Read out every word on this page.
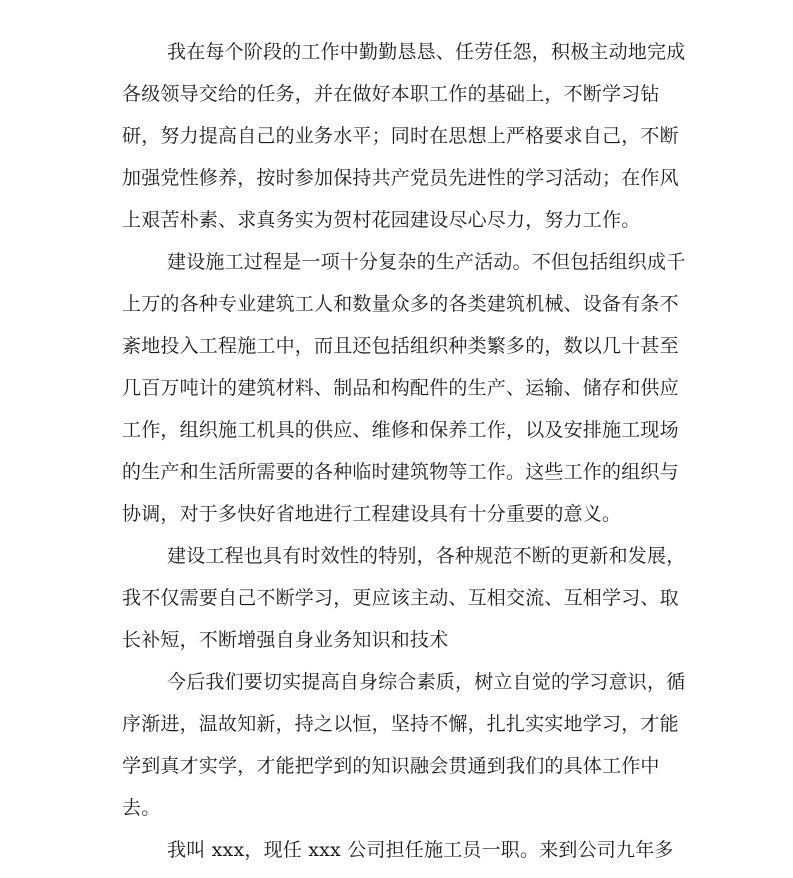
我在每个阶段的工作中勤勤恳恳、任劳任怨，积极主动地完成
各级领导交给的任务，并在做好本职工作的基础上，不断学习钻
研，努力提高自己的业务水平；同时在思想上严格要求自己，不断
加强党性修养，按时参加保持共产党员先进性的学习活动；在作风
上艰苦朴素、求真务实为贺村花园建设尽心尽力，努力工作。
建设施工过程是一项十分复杂的生产活动。不但包括组织成千
上万的各种专业建筑工人和数量众多的各类建筑机械、设备有条不
紊地投入工程施工中，而且还包括组织种类繁多的，数以几十甚至
几百万吨计的建筑材料、制品和构配件的生产、运输、储存和供应
工作，组织施工机具的供应、维修和保养工作，以及安排施工现场
的生产和生活所需要的各种临时建筑物等工作。这些工作的组织与
协调，对于多快好省地进行工程建设具有十分重要的意义。
建设工程也具有时效性的特别，各种规范不断的更新和发展，
我不仅需要自己不断学习，更应该主动、互相交流、互相学习、取
长补短，不断增强自身业务知识和技术
今后我们要切实提高自身综合素质，树立自觉的学习意识，循
序渐进，温故知新，持之以恒，坚持不懈，扎扎实实地学习，才能
学到真才实学，才能把学到的知识融会贯通到我们的具体工作中
去。
我叫 xxx，现任 xxx 公司担任施工员一职。来到公司九年多
